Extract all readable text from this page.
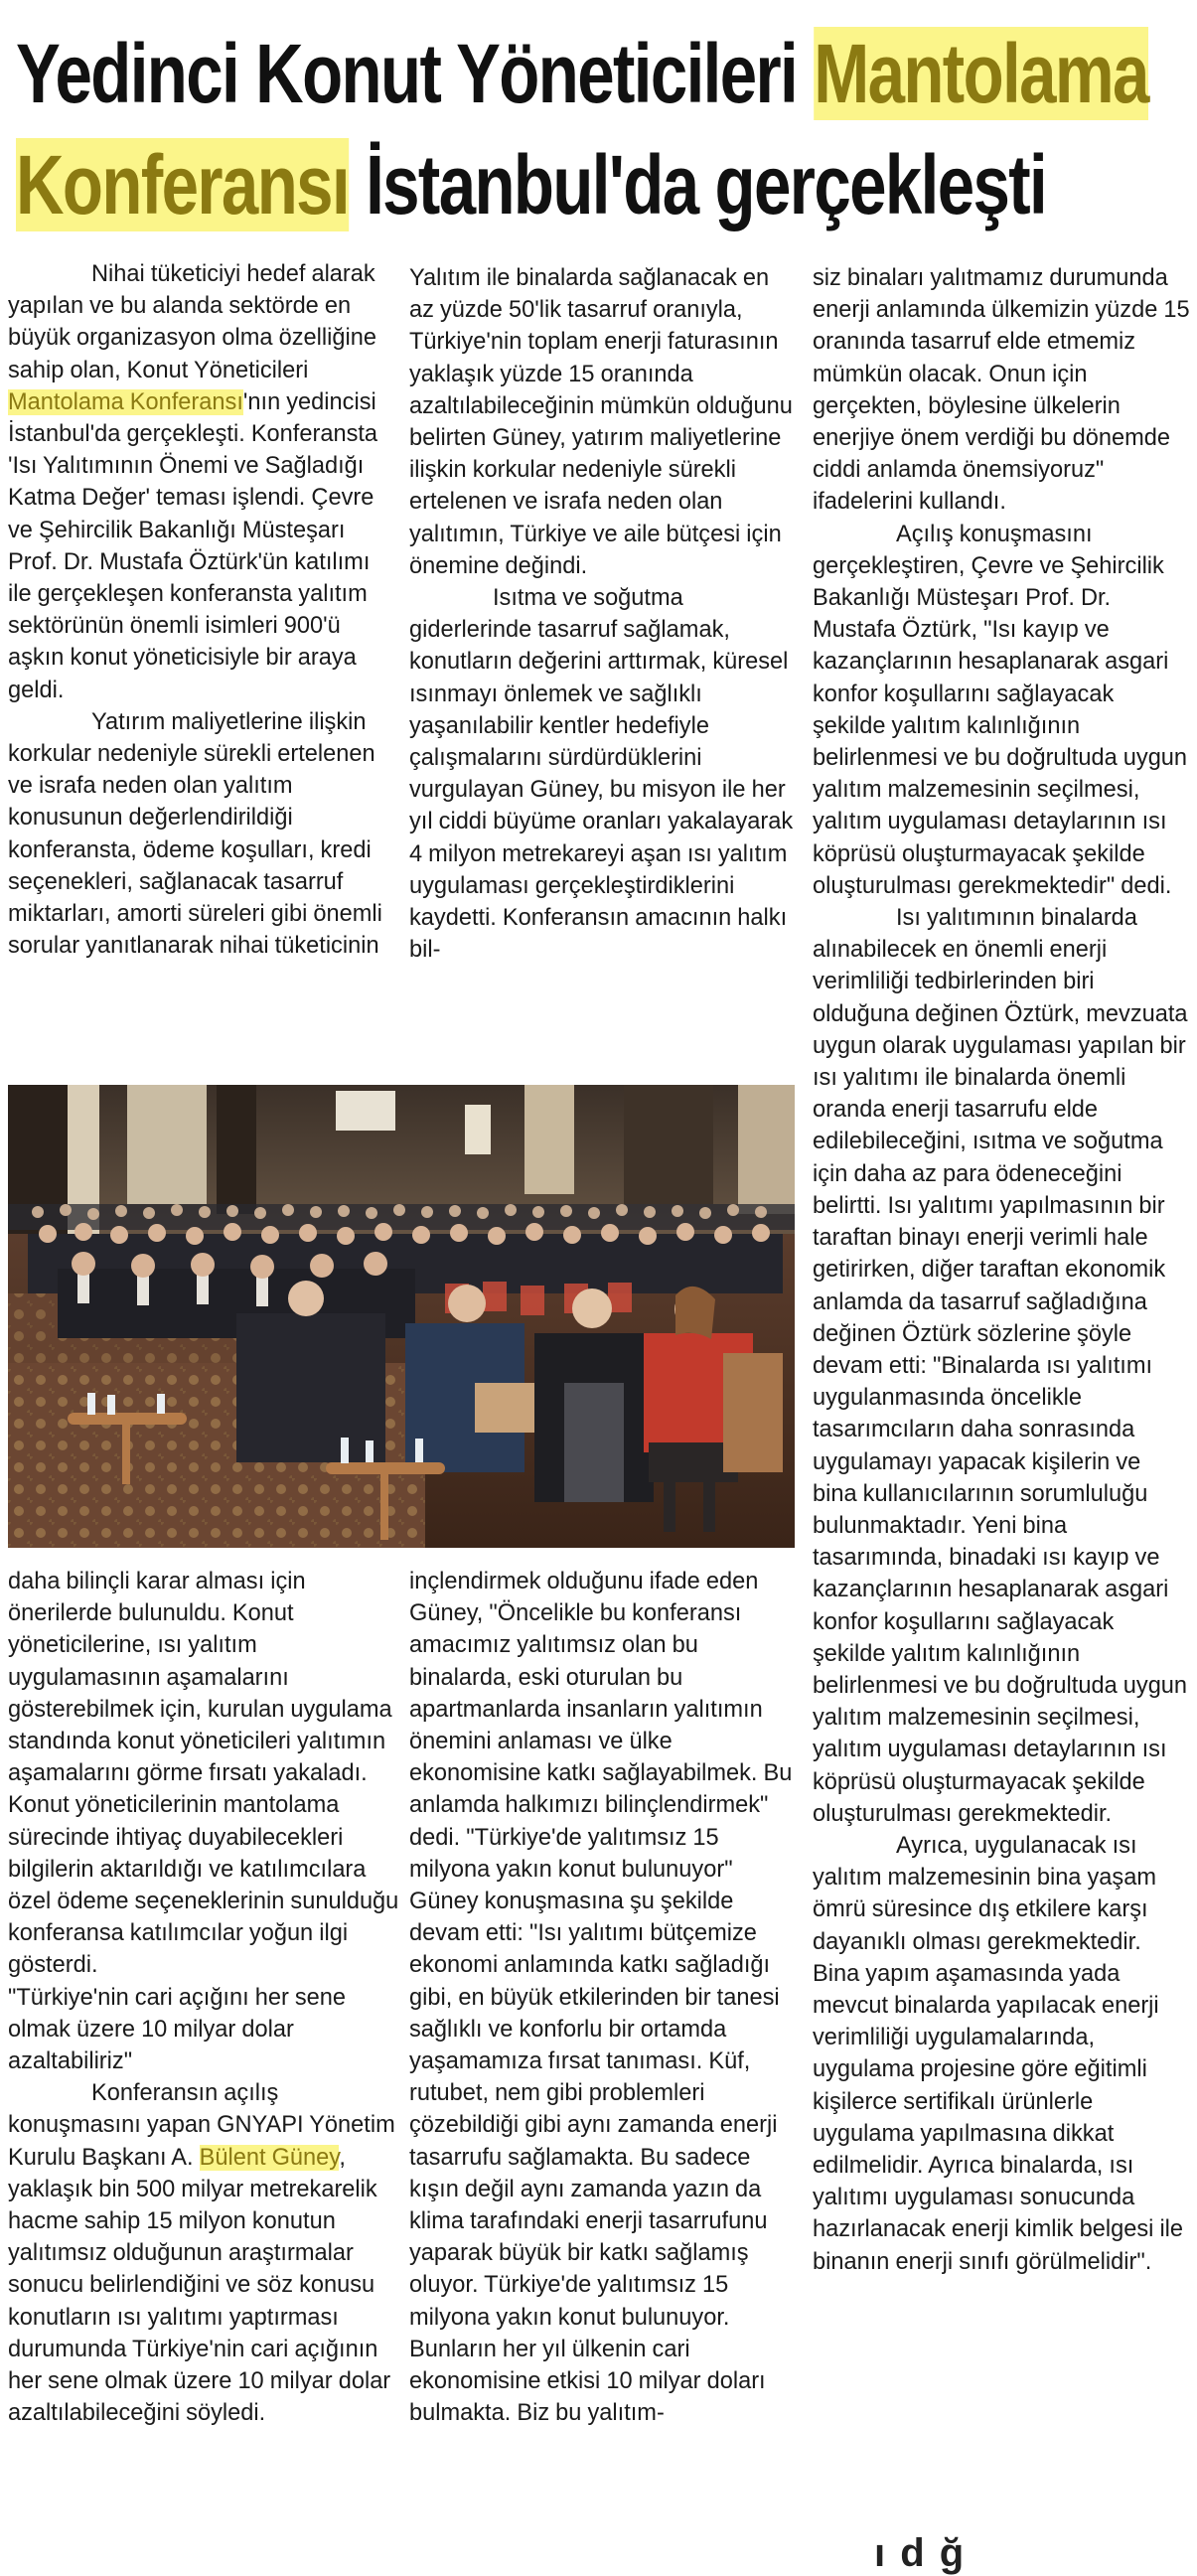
Yedinci Konut Yöneticileri Mantolama
Konferansı İstanbul'da gerçekleşti

Nihai tüketiciyi hedef alarak yapılan ve bu alanda sektörde en büyük organizasyon olma özelliğine sahip olan, Konut Yöneticileri Mantolama Konferansı'nın yedincisi İstanbul'da gerçekleşti. Konferansta 'Isı Yalıtımının Önemi ve Sağladığı Katma Değer' teması işlendi. Çevre ve Şehircilik Bakanlığı Müsteşarı Prof. Dr. Mustafa Öztürk'ün katılımı ile gerçekleşen konferansta yalıtım sektörünün önemli isimleri 900'ü aşkın konut yöneticisiyle bir araya geldi.

Yatırım maliyetlerine ilişkin korkular nedeniyle sürekli ertelenen ve israfa neden olan yalıtım konusunun değerlendirildiği konferansta, ödeme koşulları, kredi seçenekleri, sağlanacak tasarruf miktarları, amorti süreleri gibi önemli sorular yanıtlanarak nihai tüketicinin

Yalıtım ile binalarda sağlanacak en az yüzde 50'lik tasarruf oranıyla, Türkiye'nin toplam enerji faturasının yaklaşık yüzde 15 oranında azaltılabileceğinin mümkün olduğunu belirten Güney, yatırım maliyetlerine ilişkin korkular nedeniyle sürekli ertelenen ve israfa neden olan yalıtımın, Türkiye ve aile bütçesi için önemine değindi.

Isıtma ve soğutma giderlerinde tasarruf sağlamak, konutların değerini arttırmak, küresel ısınmayı önlemek ve sağlıklı yaşanılabilir kentler hedefiyle çalışmalarını sürdürdüklerini vurgulayan Güney, bu misyon ile her yıl ciddi büyüme oranları yakalayarak 4 milyon metrekareyi aşan ısı yalıtım uygulaması gerçekleştirdiklerini kaydetti. Konferansın amacının halkı bil-

siz binaları yalıtmamız durumunda enerji anlamında ülkemizin yüzde 15 oranında tasarruf elde etmemiz mümkün olacak. Onun için gerçekten, böylesine ülkelerin enerjiye önem verdiği bu dönemde ciddi anlamda önemsiyoruz" ifadelerini kullandı.

Açılış konuşmasını gerçekleştiren, Çevre ve Şehircilik Bakanlığı Müsteşarı Prof. Dr. Mustafa Öztürk, "Isı kayıp ve kazançlarının hesaplanarak asgari konfor koşullarını sağlayacak şekilde yalıtım kalınlığının belirlenmesi ve bu doğrultuda uygun yalıtım malzemesinin seçilmesi, yalıtım uygulaması detaylarının ısı köprüsü oluşturmayacak şekilde oluşturulması gerekmektedir" dedi.

Isı yalıtımının binalarda alınabilecek en önemli enerji verimliliği tedbirlerinden biri olduğuna değinen Öztürk, mevzuata uygun olarak uygulaması yapılan bir ısı yalıtımı ile binalarda önemli oranda enerji tasarrufu elde edilebileceğini, ısıtma ve soğutma için daha az para ödeneceğini belirtti. Isı yalıtımı yapılmasının bir taraftan binayı enerji verimli hale getirirken, diğer taraftan ekonomik anlamda da tasarruf sağladığına değinen Öztürk sözlerine şöyle devam etti: "Binalarda ısı yalıtımı uygulanmasında öncelikle tasarımcıların daha sonrasında uygulamayı yapacak kişilerin ve bina kullanıcılarının sorumluluğu bulunmaktadır. Yeni bina tasarımında, binadaki ısı kayıp ve kazançlarının hesaplanarak asgari konfor koşullarını sağlayacak şekilde yalıtım kalınlığının belirlenmesi ve bu doğrultuda uygun yalıtım malzemesinin seçilmesi, yalıtım uygulaması detaylarının ısı köprüsü oluşturmayacak şekilde oluşturulması gerekmektedir.

Ayrıca, uygulanacak ısı yalıtım malzemesinin bina yaşam ömrü süresince dış etkilere karşı dayanıklı olması gerekmektedir. Bina yapım aşamasında yada mevcut binalarda yapılacak enerji verimliliği uygulamalarında, uygulama projesine göre eğitimli kişilerce sertifikalı ürünlerle uygulama yapılmasına dikkat edilmelidir. Ayrıca binalarda, ısı yalıtımı uygulaması sonucunda hazırlanacak enerji kimlik belgesi ile binanın enerji sınıfı görülmelidir".

daha bilinçli karar alması için önerilerde bulunuldu. Konut yöneticilerine, ısı yalıtım uygulamasının aşamalarını gösterebilmek için, kurulan uygulama standında konut yöneticileri yalıtımın aşamalarını görme fırsatı yakaladı. Konut yöneticilerinin mantolama sürecinde ihtiyaç duyabilecekleri bilgilerin aktarıldığı ve katılımcılara özel ödeme seçeneklerinin sunulduğu konferansa katılımcılar yoğun ilgi gösterdi.

"Türkiye'nin cari açığını her sene olmak üzere 10 milyar dolar azaltabiliriz"

Konferansın açılış konuşmasını yapan GNYAPI Yönetim Kurulu Başkanı A. Bülent Güney, yaklaşık bin 500 milyar metrekarelik hacme sahip 15 milyon konutun yalıtımsız olduğunun araştırmalar sonucu belirlendiğini ve söz konusu konutların ısı yalıtımı yaptırması durumunda Türkiye'nin cari açığının her sene olmak üzere 10 milyar dolar azaltılabileceğini söyledi.

inçlendirmek olduğunu ifade eden Güney, "Öncelikle bu konferansı amacımız yalıtımsız olan bu binalarda, eski oturulan bu apartmanlarda insanların yalıtımın önemini anlaması ve ülke ekonomisine katkı sağlayabilmek. Bu anlamda halkımızı bilinçlendirmek" dedi. "Türkiye'de yalıtımsız 15 milyona yakın konut bulunuyor" Güney konuşmasına şu şekilde devam etti: "Isı yalıtımı bütçemize ekonomi anlamında katkı sağladığı gibi, en büyük etkilerinden bir tanesi sağlıklı ve konforlu bir ortamda yaşamamıza fırsat tanıması. Küf, rutubet, nem gibi problemleri çözebildiği gibi aynı zamanda enerji tasarrufu sağlamakta. Bu sadece kışın değil aynı zamanda yazın da klima tarafındaki enerji tasarrufunu yaparak büyük bir katkı sağlamış oluyor. Türkiye'de yalıtımsız 15 milyona yakın konut bulunuyor. Bunların her yıl ülkenin cari ekonomisine etkisi 10 milyar doları bulmakta. Biz bu yalıtım-

ı d ğ
